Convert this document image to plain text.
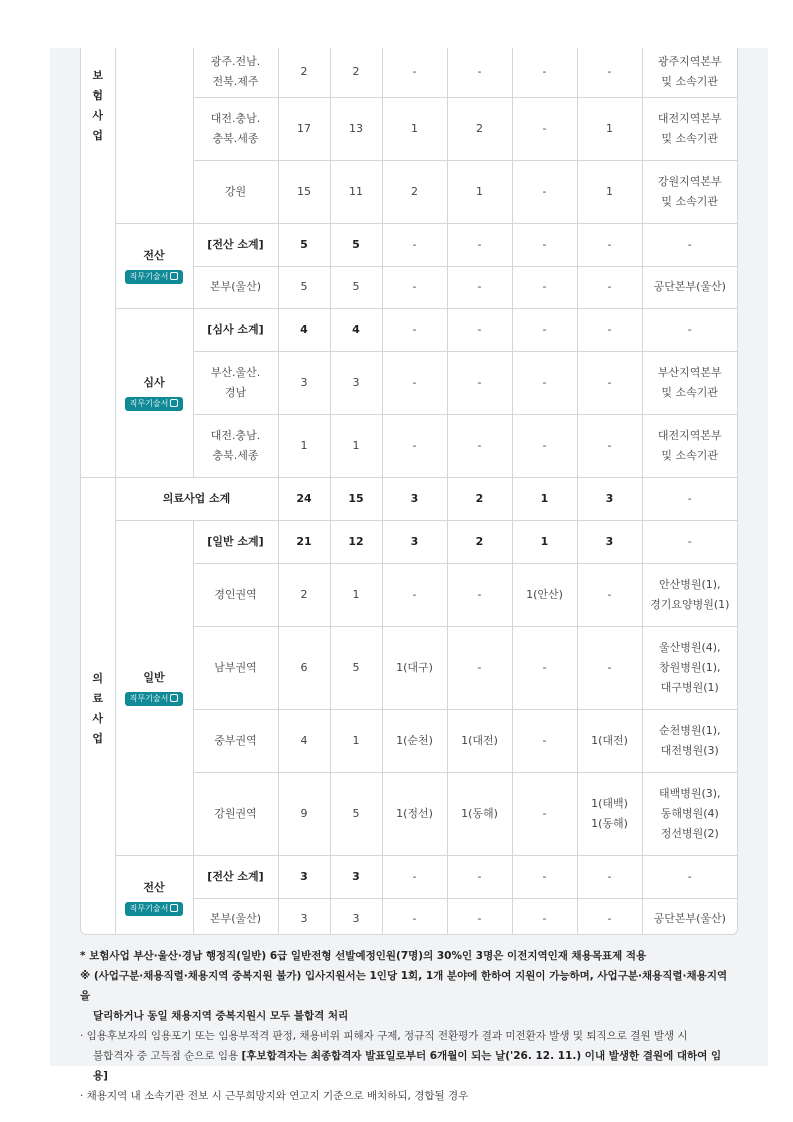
보
험
사
업		광주.전남.
전북.제주	2	2	-	-	-	-	광주지역본부
및 소속기관
		대전.충남.
충북.세종	17	13	1	2	-	1	대전지역본부
및 소속기관
		강원	15	11	2	1	-	1	강원지역본부
및 소속기관

	전산
직무기술서	[전산 소계]	5	5	-	-	-	-	-
		본부(울산)	5	5	-	-	-	-	공단본부(울산)

	심사
직무기술서	[심사 소계]	4	4	-	-	-	-	-
		부산.울산.
경남	3	3	-	-	-	-	부산지역본부
및 소속기관
		대전.충남.
충북.세종	1	1	-	-	-	-	대전지역본부
및 소속기관

의
료
사
업	의료사업 소계		24	15	3	2	1	3	-

	일반
직무기술서	[일반 소계]	21	12	3	2	1	3	-
		경인권역	2	1	-	-	1(안산)	-	안산병원(1),
경기요양병원(1)
		남부권역	6	5	1(대구)	-	-	-	울산병원(4),
창원병원(1),
대구병원(1)
		중부권역	4	1	1(순천)	1(대전)	-	1(대전)	순천병원(1),
대전병원(3)
		강원권역	9	5	1(정선)	1(동해)	-	1(태백)
1(동해)	태백병원(3),
동해병원(4)
정선병원(2)

	전산
직무기술서	[전산 소계]	3	3	-	-	-	-	-
		본부(울산)	3	3	-	-	-	-	공단본부(울산)
* 보험사업 부산·울산·경남 행정직(일반) 6급 일반전형 선발예정인원(7명)의 30%인 3명은 이전지역인재 채용목표제 적용
※ (사업구분·채용직렬·채용지역 중복지원 불가) 입사지원서는 1인당 1회, 1개 분야에 한하여 지원이 가능하며, 사업구분·채용직렬·채용지역을
달리하거나 동일 채용지역 중복지원시 모두 불합격 처리
· 임용후보자의 임용포기 또는 임용부적격 판정, 채용비위 피해자 구제, 정규직 전환평가 결과 미전환자 발생 및 퇴직으로 결원 발생 시
불합격자 중 고득점 순으로 임용 [후보합격자는 최종합격자 발표일로부터 6개월이 되는 날('26. 12. 11.) 이내 발생한 결원에 대하여 임용]
· 채용지역 내 소속기관 전보 시 근무희망지와 연고지 기준으로 배치하되, 경합될 경우
